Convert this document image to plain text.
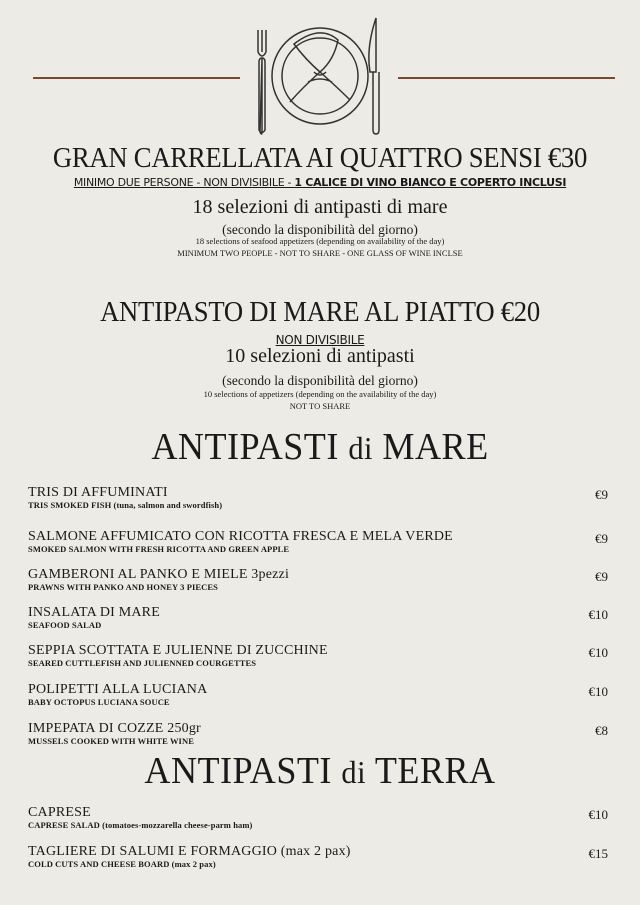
GRAN CARRELLATA AI QUATTRO SENSI €30
MINIMO DUE PERSONE - NON DIVISIBILE - 1 CALICE DI VINO BIANCO E COPERTO INCLUSI
18 selezioni di antipasti di mare
(secondo la disponibilità del giorno)
18 selections of seafood appetizers (depending on availability of the day)
MINIMUM TWO PEOPLE - NOT TO SHARE - ONE GLASS OF WINE INCLSE
ANTIPASTO DI MARE AL PIATTO €20
NON DIVISIBILE
10 selezioni di antipasti
(secondo la disponibilità del giorno)
10 selections of appetizers (depending on the availability of the day)
NOT TO SHARE
ANTIPASTI di MARE
TRIS DI AFFUMINATI
TRIS SMOKED FISH (tuna, salmon and swordfish)
€9
SALMONE AFFUMICATO CON RICOTTA FRESCA E MELA VERDE
SMOKED SALMON WITH FRESH RICOTTA AND GREEN APPLE
€9
GAMBERONI AL PANKO E MIELE 3pezzi
PRAWNS WITH PANKO AND HONEY 3 PIECES
€9
INSALATA DI MARE
SEAFOOD SALAD
€10
SEPPIA SCOTTATA E JULIENNE DI ZUCCHINE
SEARED CUTTLEFISH AND JULIENNED COURGETTES
€10
POLIPETTI ALLA LUCIANA
BABY OCTOPUS LUCIANA SOUCE
€10
IMPEPATA DI COZZE 250gr
MUSSELS COOKED WITH WHITE WINE
€8
ANTIPASTI di TERRA
CAPRESE
CAPRESE SALAD (tomatoes-mozzarella cheese-parm ham)
€10
TAGLIERE DI SALUMI E FORMAGGIO (max 2 pax)
COLD CUTS AND CHEESE BOARD (max 2 pax)
€15
